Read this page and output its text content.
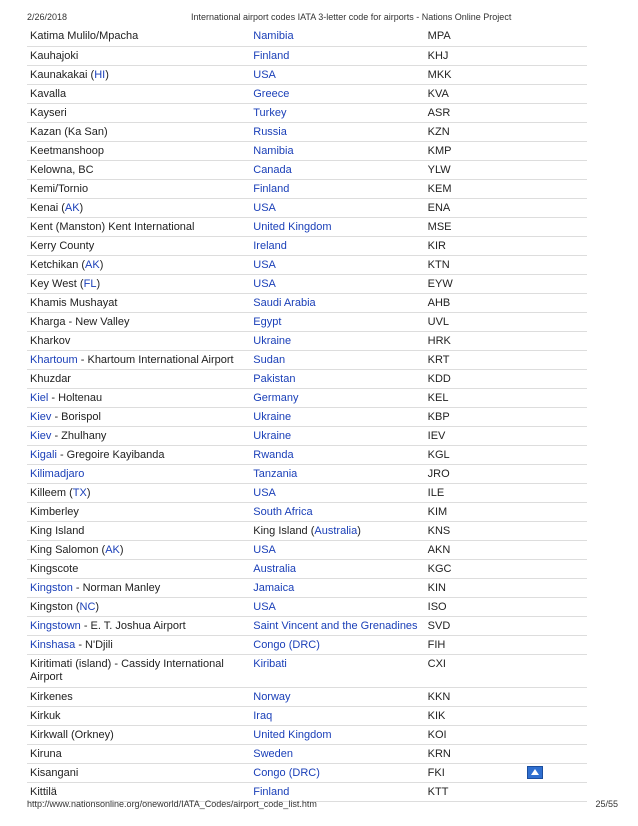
2/26/2018	International airport codes IATA 3-letter code for airports - Nations Online Project
Katima Mulilo/Mpacha	Namibia	MPA
Kauhajoki	Finland	KHJ
Kaunakakai (HI)	USA	MKK
Kavalla	Greece	KVA
Kayseri	Turkey	ASR
Kazan (Ka San)	Russia	KZN
Keetmanshoop	Namibia	KMP
Kelowna, BC	Canada	YLW
Kemi/Tornio	Finland	KEM
Kenai (AK)	USA	ENA
Kent (Manston) Kent International	United Kingdom	MSE
Kerry County	Ireland	KIR
Ketchikan (AK)	USA	KTN
Key West (FL)	USA	EYW
Khamis Mushayat	Saudi Arabia	AHB
Kharga - New Valley	Egypt	UVL
Kharkov	Ukraine	HRK
Khartoum - Khartoum International Airport	Sudan	KRT
Khuzdar	Pakistan	KDD
Kiel - Holtenau	Germany	KEL
Kiev - Borispol	Ukraine	KBP
Kiev - Zhulhany	Ukraine	IEV
Kigali - Gregoire Kayibanda	Rwanda	KGL
Kilimadjaro	Tanzania	JRO
Killeem (TX)	USA	ILE
Kimberley	South Africa	KIM
King Island	King Island (Australia)	KNS
King Salomon (AK)	USA	AKN
Kingscote	Australia	KGC
Kingston - Norman Manley	Jamaica	KIN
Kingston (NC)	USA	ISO
Kingstown - E. T. Joshua Airport	Saint Vincent and the Grenadines	SVD
Kinshasa - N'Djili	Congo (DRC)	FIH
Kiritimati (island) - Cassidy International Airport	Kiribati	CXI
Kirkenes	Norway	KKN
Kirkuk	Iraq	KIK
Kirkwall (Orkney)	United Kingdom	KOI
Kiruna	Sweden	KRN
Kisangani	Congo (DRC)	FKI
Kittilä	Finland	KTT
http://www.nationsonline.org/oneworld/IATA_Codes/airport_code_list.htm	25/55
